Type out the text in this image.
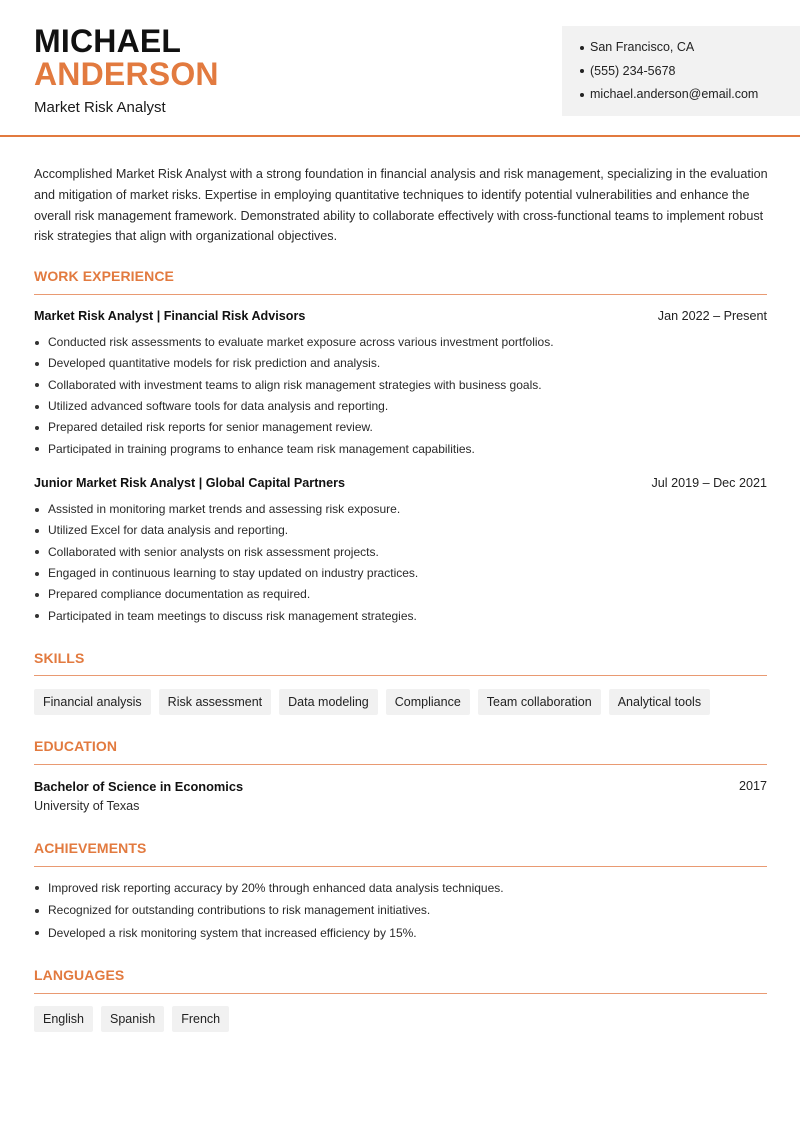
MICHAEL
ANDERSON
Market Risk Analyst
San Francisco, CA
(555) 234-5678
michael.anderson@email.com

Accomplished Market Risk Analyst with a strong foundation in financial analysis and risk management, specializing in the evaluation and mitigation of market risks. Expertise in employing quantitative techniques to identify potential vulnerabilities and enhance the overall risk management framework. Demonstrated ability to collaborate effectively with cross-functional teams to implement robust risk strategies that align with organizational objectives.

WORK EXPERIENCE
Market Risk Analyst | Financial Risk Advisors	Jan 2022 – Present
Conducted risk assessments to evaluate market exposure across various investment portfolios.
Developed quantitative models for risk prediction and analysis.
Collaborated with investment teams to align risk management strategies with business goals.
Utilized advanced software tools for data analysis and reporting.
Prepared detailed risk reports for senior management review.
Participated in training programs to enhance team risk management capabilities.
Junior Market Risk Analyst | Global Capital Partners	Jul 2019 – Dec 2021
Assisted in monitoring market trends and assessing risk exposure.
Utilized Excel for data analysis and reporting.
Collaborated with senior analysts on risk assessment projects.
Engaged in continuous learning to stay updated on industry practices.
Prepared compliance documentation as required.
Participated in team meetings to discuss risk management strategies.
SKILLS
Financial analysis	Risk assessment	Data modeling	Compliance	Team collaboration	Analytical tools
EDUCATION
Bachelor of Science in Economics	2017
University of Texas
ACHIEVEMENTS
Improved risk reporting accuracy by 20% through enhanced data analysis techniques.
Recognized for outstanding contributions to risk management initiatives.
Developed a risk monitoring system that increased efficiency by 15%.
LANGUAGES
English	Spanish	French
